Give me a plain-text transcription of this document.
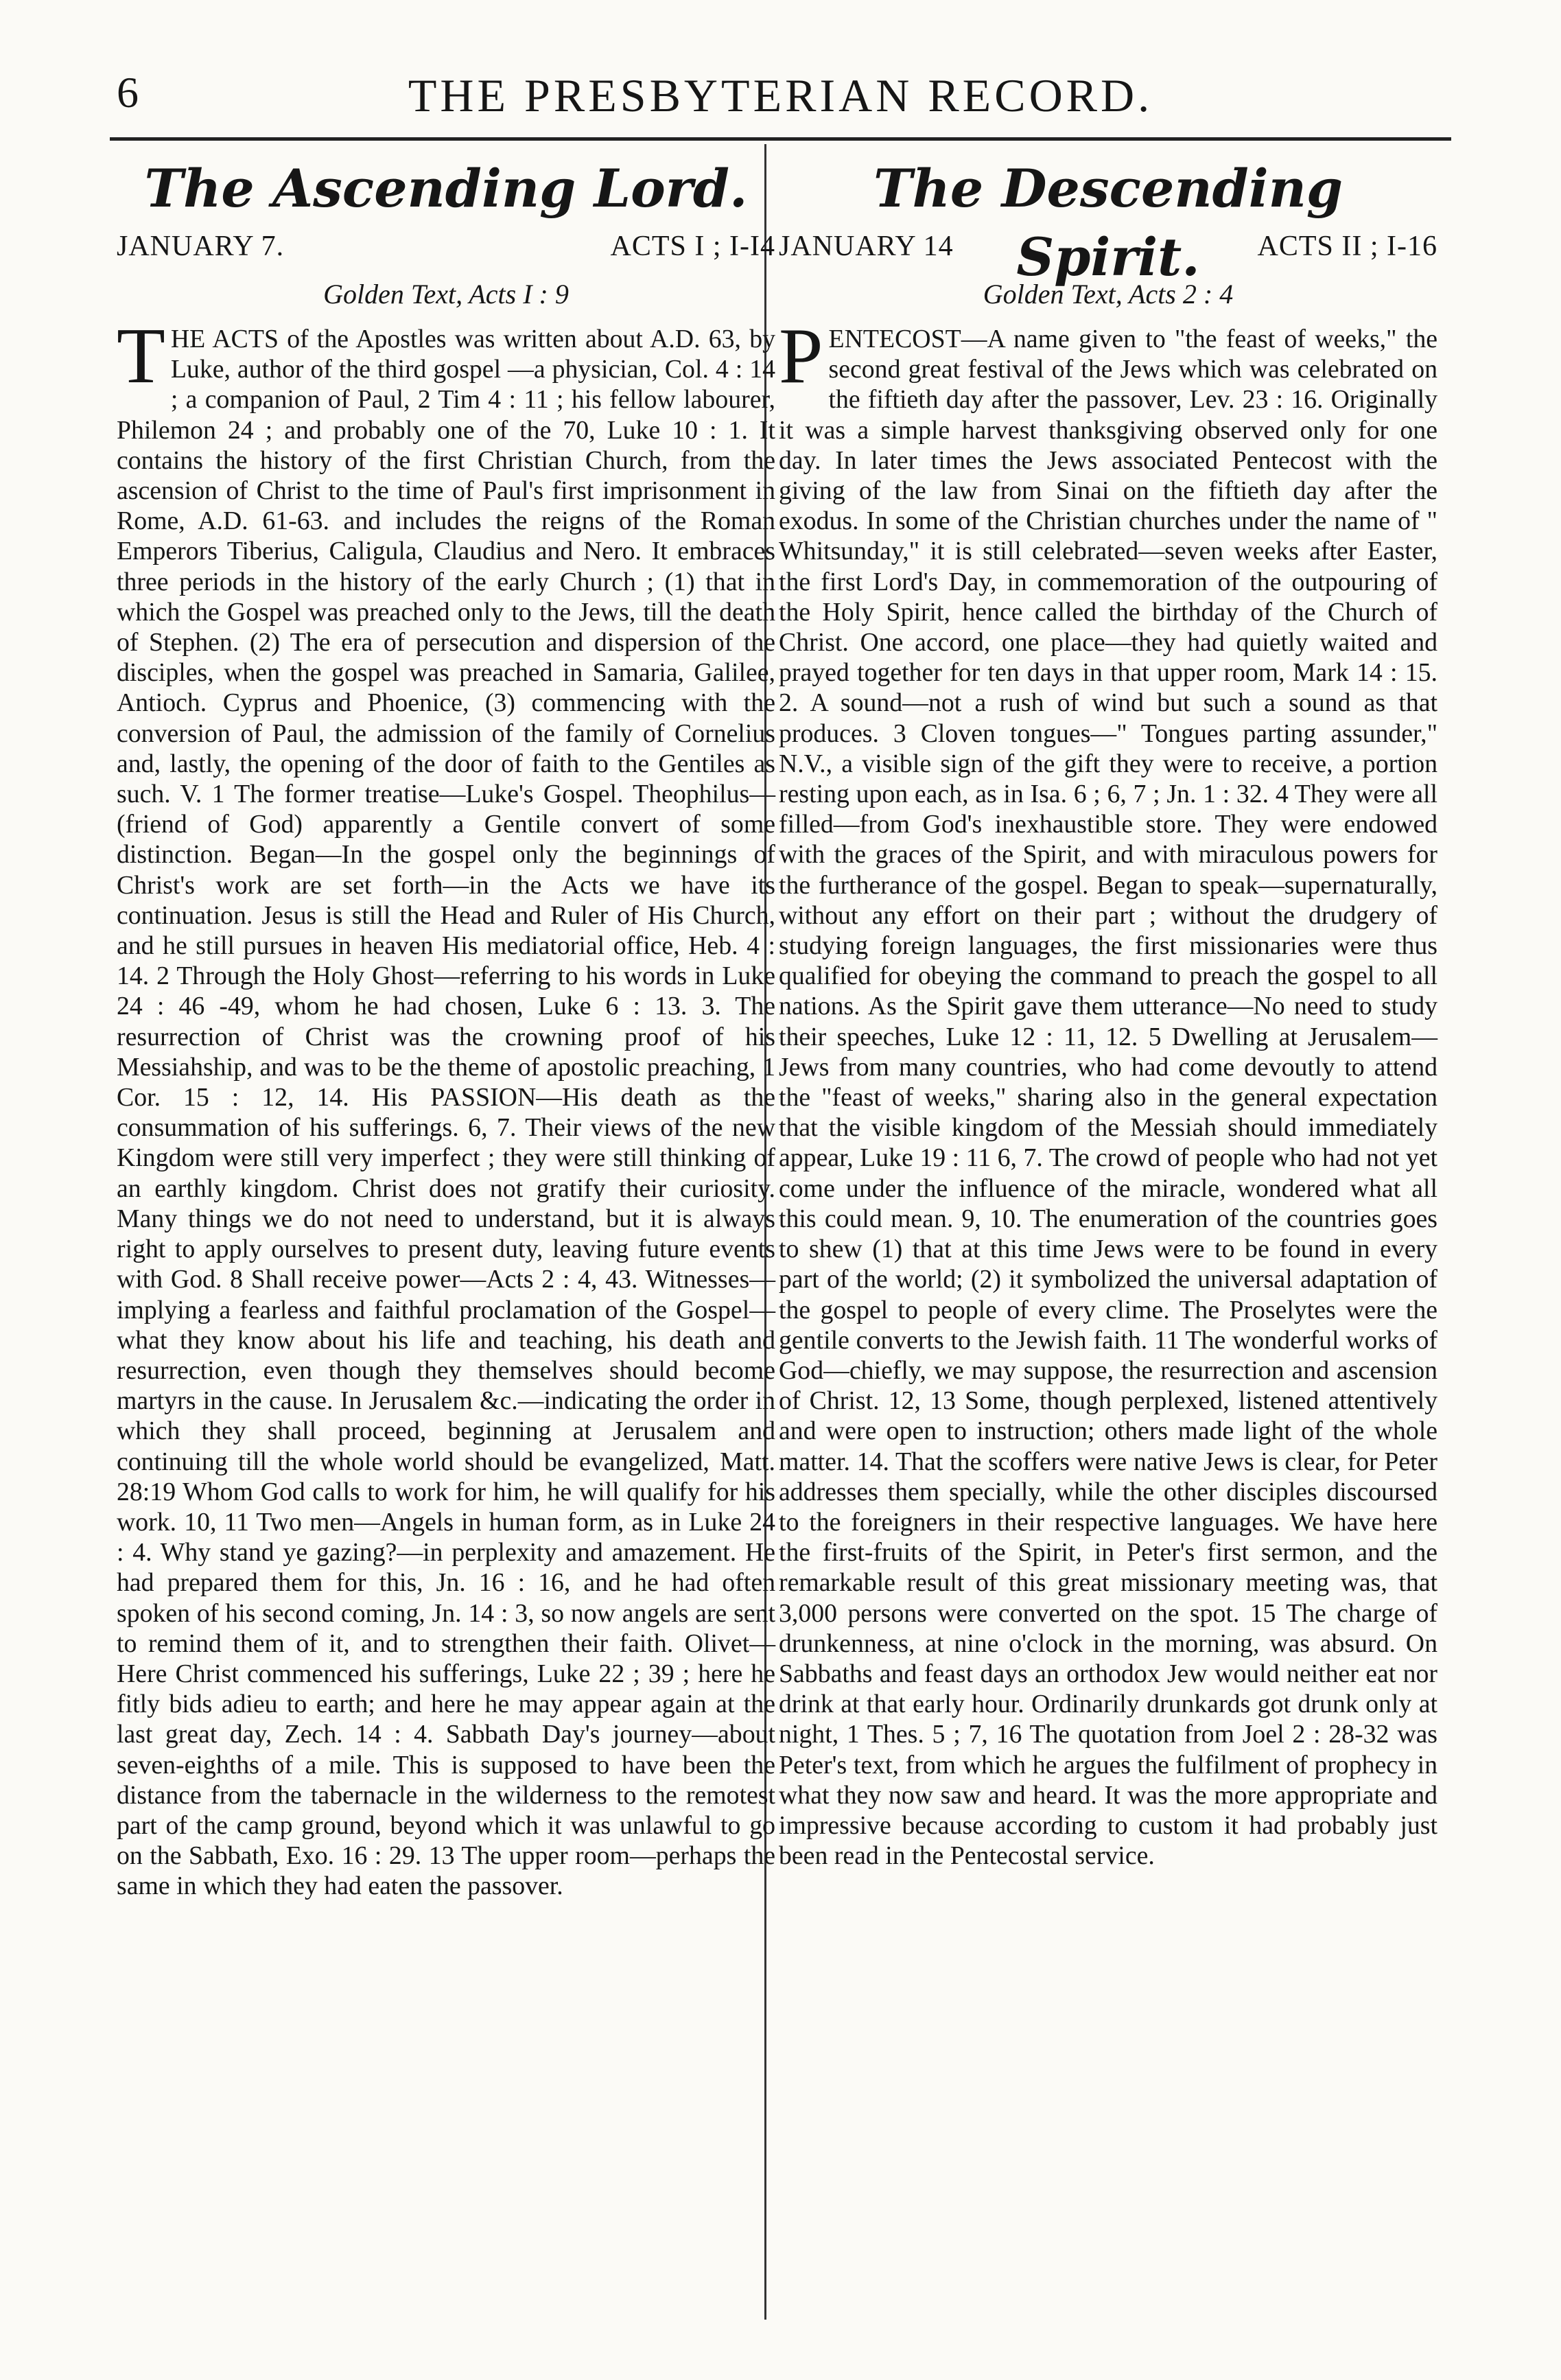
6	THE PRESBYTERIAN RECORD.
The Ascending Lord.
JANUARY 7.	ACTS I ; I-I4
Golden Text, Acts I : 9

THE ACTS of the Apostles was written about A.D. 63, by Luke, author of the third gospel —a physician, Col. 4 : 14 ; a companion of Paul, 2 Tim 4 : 11 ; his fellow labourer, Philemon 24 ; and probably one of the 70, Luke 10 : 1. It contains the history of the first Christian Church, from the ascension of Christ to the time of Paul's first imprisonment in Rome, A.D. 61-63. and includes the reigns of the Roman Emperors Tiberius, Caligula, Claudius and Nero. It embraces three periods in the history of the early Church ; (1) that in which the Gospel was preached only to the Jews, till the death of Stephen. (2) The era of persecution and dispersion of the disciples, when the gospel was preached in Samaria, Galilee, Antioch. Cyprus and Phoenice, (3) commencing with the conversion of Paul, the admission of the family of Cornelius and, lastly, the opening of the door of faith to the Gentiles as such. V. 1 The former treatise—Luke's Gospel. Theophilus—(friend of God) apparently a Gentile convert of some distinction. Began—In the gospel only the beginnings of Christ's work are set forth—in the Acts we have its continuation. Jesus is still the Head and Ruler of His Church, and he still pursues in heaven His mediatorial office, Heb. 4 : 14. 2 Through the Holy Ghost—referring to his words in Luke 24 : 46 -49, whom he had chosen, Luke 6 : 13. 3. The resurrection of Christ was the crowning proof of his Messiahship, and was to be the theme of apostolic preaching, 1 Cor. 15 : 12, 14. His PASSION—His death as the consummation of his sufferings. 6, 7. Their views of the new Kingdom were still very imperfect ; they were still thinking of an earthly kingdom. Christ does not gratify their curiosity. Many things we do not need to understand, but it is always right to apply ourselves to present duty, leaving future events with God. 8 Shall receive power—Acts 2 : 4, 43. Witnesses—implying a fearless and faithful proclamation of the Gospel—what they know about his life and teaching, his death and resurrection, even though they themselves should become martyrs in the cause. In Jerusalem &c.—indicating the order in which they shall proceed, beginning at Jerusalem and continuing till the whole world should be evangelized, Matt. 28:19 Whom God calls to work for him, he will qualify for his work. 10, 11 Two men—Angels in human form, as in Luke 24 : 4. Why stand ye gazing?—in perplexity and amazement. He had prepared them for this, Jn. 16 : 16, and he had often spoken of his second coming, Jn. 14 : 3, so now angels are sent to remind them of it, and to strengthen their faith. Olivet—Here Christ commenced his sufferings, Luke 22 ; 39 ; here he fitly bids adieu to earth; and here he may appear again at the last great day, Zech. 14 : 4. Sabbath Day's journey—about seven-eighths of a mile. This is supposed to have been the distance from the tabernacle in the wilderness to the remotest part of the camp ground, beyond which it was unlawful to go on the Sabbath, Exo. 16 : 29. 13 The upper room—perhaps the same in which they had eaten the passover.

The Descending Spirit.
JANUARY 14	ACTS II ; I-16
Golden Text, Acts 2 : 4

PENTECOST—A name given to "the feast of weeks," the second great festival of the Jews which was celebrated on the fiftieth day after the passover, Lev. 23 : 16. Originally it was a simple harvest thanksgiving observed only for one day. In later times the Jews associated Pentecost with the giving of the law from Sinai on the fiftieth day after the exodus. In some of the Christian churches under the name of " Whitsunday," it is still celebrated—seven weeks after Easter, the first Lord's Day, in commemoration of the outpouring of the Holy Spirit, hence called the birthday of the Church of Christ. One accord, one place—they had quietly waited and prayed together for ten days in that upper room, Mark 14 : 15. 2. A sound—not a rush of wind but such a sound as that produces. 3 Cloven tongues—" Tongues parting assunder," N.V., a visible sign of the gift they were to receive, a portion resting upon each, as in Isa. 6 ; 6, 7 ; Jn. 1 : 32. 4 They were all filled—from God's inexhaustible store. They were endowed with the graces of the Spirit, and with miraculous powers for the furtherance of the gospel. Began to speak—supernaturally, without any effort on their part ; without the drudgery of studying foreign languages, the first missionaries were thus qualified for obeying the command to preach the gospel to all nations. As the Spirit gave them utterance—No need to study their speeches, Luke 12 : 11, 12. 5 Dwelling at Jerusalem—Jews from many countries, who had come devoutly to attend the "feast of weeks," sharing also in the general expectation that the visible kingdom of the Messiah should immediately appear, Luke 19 : 11 6, 7. The crowd of people who had not yet come under the influence of the miracle, wondered what all this could mean. 9, 10. The enumeration of the countries goes to shew (1) that at this time Jews were to be found in every part of the world; (2) it symbolized the universal adaptation of the gospel to people of every clime. The Proselytes were the gentile converts to the Jewish faith. 11 The wonderful works of God—chiefly, we may suppose, the resurrection and ascension of Christ. 12, 13 Some, though perplexed, listened attentively and were open to instruction; others made light of the whole matter. 14. That the scoffers were native Jews is clear, for Peter addresses them specially, while the other disciples discoursed to the foreigners in their respective languages. We have here the first-fruits of the Spirit, in Peter's first sermon, and the remarkable result of this great missionary meeting was, that 3,000 persons were converted on the spot. 15 The charge of drunkenness, at nine o'clock in the morning, was absurd. On Sabbaths and feast days an orthodox Jew would neither eat nor drink at that early hour. Ordinarily drunkards got drunk only at night, 1 Thes. 5 ; 7, 16 The quotation from Joel 2 : 28-32 was Peter's text, from which he argues the fulfilment of prophecy in what they now saw and heard. It was the more appropriate and impressive because according to custom it had probably just been read in the Pentecostal service.
